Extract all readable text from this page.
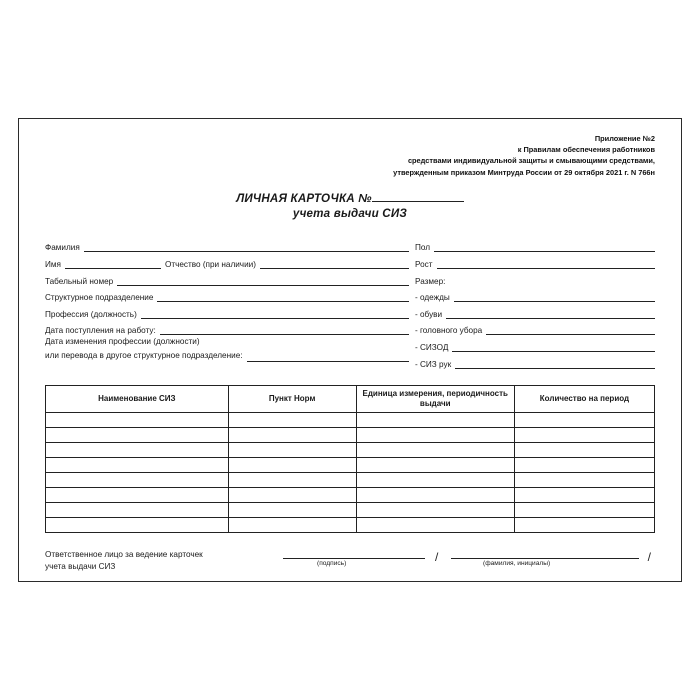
Приложение №2
к Правилам обеспечения работников
средствами индивидуальной защиты и смывающими средствами,
утвержденным приказом Минтруда России от 29 октября 2021 г. N 766н
ЛИЧНАЯ КАРТОЧКА №
учета выдачи СИЗ
Фамилия
Имя	Отчество (при наличии)
Табельный номер
Структурное подразделение
Профессия (должность)
Дата поступления на работу:
Дата изменения профессии (должности)
или перевода в другое структурное подразделение:
Пол
Рост
Размер:
- одежды
- обуви
- головного убора
- СИЗОД
- СИЗ рук
Наименование СИЗ	Пункт Норм	Единица измерения, периодичность выдачи	Количество на период

Ответственное лицо за ведение карточек
учета выдачи СИЗ	(подпись)	/	(фамилия, инициалы)	/
